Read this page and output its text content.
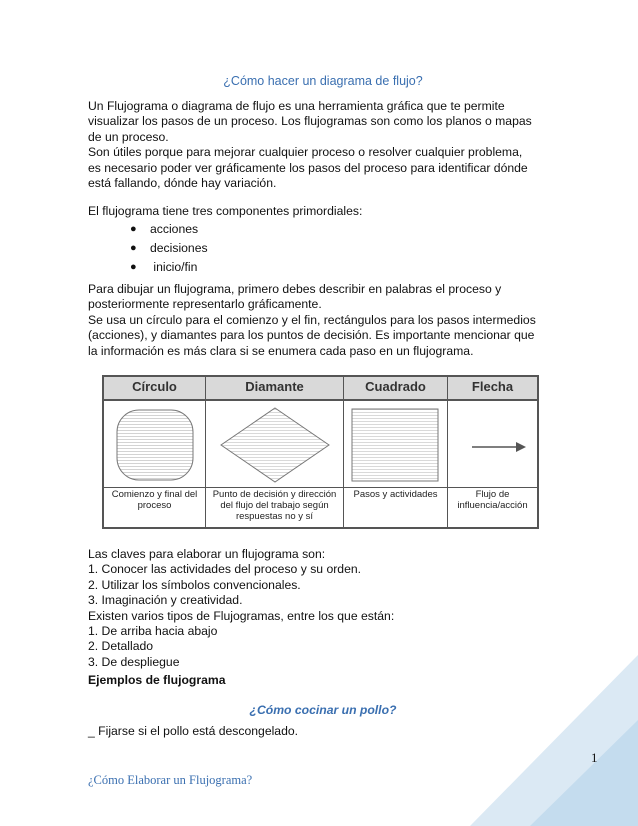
¿Cómo hacer un diagrama de flujo?
Un Flujograma o diagrama de flujo es una herramienta gráfica que te permite
visualizar los pasos de un proceso. Los flujogramas son como los planos o mapas
de un proceso.
Son útiles porque para mejorar cualquier proceso o resolver cualquier problema,
es necesario poder ver gráficamente los pasos del proceso para identificar dónde
está fallando, dónde hay variación.
El flujograma tiene tres componentes primordiales:
● acciones
● decisiones
● inicio/fin
Para dibujar un flujograma, primero debes describir en palabras el proceso y
posteriormente representarlo gráficamente.
Se usa un círculo para el comienzo y el fin, rectángulos para los pasos intermedios
(acciones), y diamantes para los puntos de decisión. Es importante mencionar que
la información es más clara si se enumera cada paso en un flujograma.
Las claves para elaborar un flujograma son:
1. Conocer las actividades del proceso y su orden.
2. Utilizar los símbolos convencionales.
3. Imaginación y creatividad.
Existen varios tipos de Flujogramas, entre los que están:
1. De arriba hacia abajo
2. Detallado
3. De despliegue
Ejemplos de flujograma
¿Cómo cocinar un pollo?
_ Fijarse si el pollo está descongelado.
Círculo
Comienzo y final del proceso
Diamante
Punto de decisión y dirección del flujo del trabajo según respuestas no y sí
Cuadrado
Pasos y actividades
Flecha
Flujo de influencia/acción
1
¿Cómo Elaborar un Flujograma?
